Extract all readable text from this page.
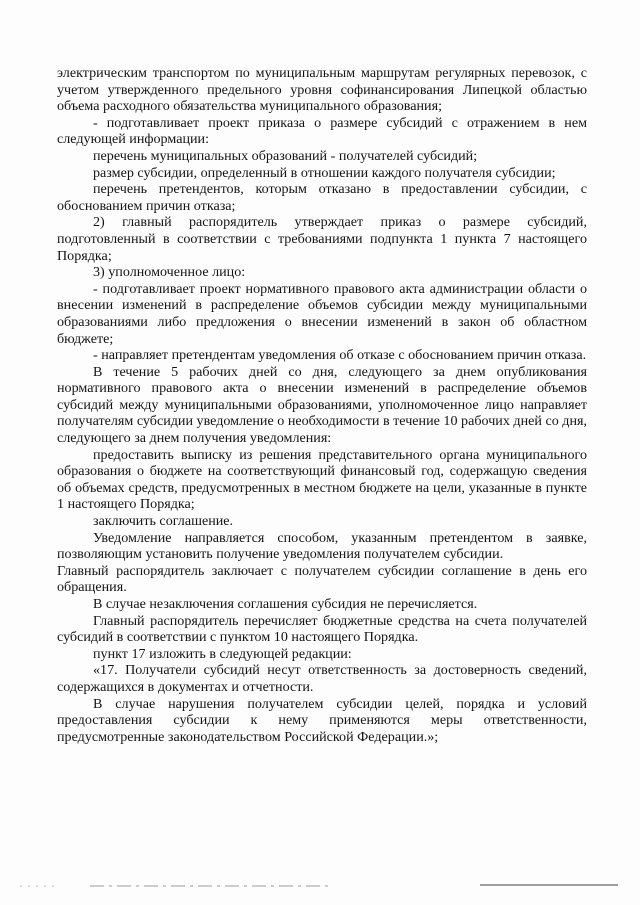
электрическим транспортом по муниципальным маршрутам регулярных перевозок, с учетом утвержденного предельного уровня софинансирования Липецкой областью объема расходного обязательства муниципального образования;

- подготавливает проект приказа о размере субсидий с отражением в нем следующей информации:

перечень муниципальных образований - получателей субсидий;

размер субсидии, определенный в отношении каждого получателя субсидии;

перечень претендентов, которым отказано в предоставлении субсидии, с обоснованием причин отказа;

2) главный распорядитель утверждает приказ о размере субсидий, подготовленный в соответствии с требованиями подпункта 1 пункта 7 настоящего Порядка;

3) уполномоченное лицо:

- подготавливает проект нормативного правового акта администрации области о внесении изменений в распределение объемов субсидии между муниципальными образованиями либо предложения о внесении изменений в закон об областном бюджете;

- направляет претендентам уведомления об отказе с обоснованием причин отказа.

В течение 5 рабочих дней со дня, следующего за днем опубликования нормативного правового акта о внесении изменений в распределение объемов субсидий между муниципальными образованиями, уполномоченное лицо направляет получателям субсидии уведомление о необходимости в течение 10 рабочих дней со дня, следующего за днем получения уведомления:

предоставить выписку из решения представительного органа муниципального образования о бюджете на соответствующий финансовый год, содержащую сведения об объемах средств, предусмотренных в местном бюджете на цели, указанные в пункте 1 настоящего Порядка;

заключить соглашение.

Уведомление направляется способом, указанным претендентом в заявке, позволяющим установить получение уведомления получателем субсидии.

Главный распорядитель заключает с получателем субсидии соглашение в день его обращения.

В случае незаключения соглашения субсидия не перечисляется.

Главный распорядитель перечисляет бюджетные средства на счета получателей субсидий в соответствии с пунктом 10 настоящего Порядка.

пункт 17 изложить в следующей редакции:

«17. Получатели субсидий несут ответственность за достоверность сведений, содержащихся в документах и отчетности.

В случае нарушения получателем субсидии целей, порядка и условий предоставления субсидии к нему применяются меры ответственности, предусмотренные законодательством Российской Федерации.»;
